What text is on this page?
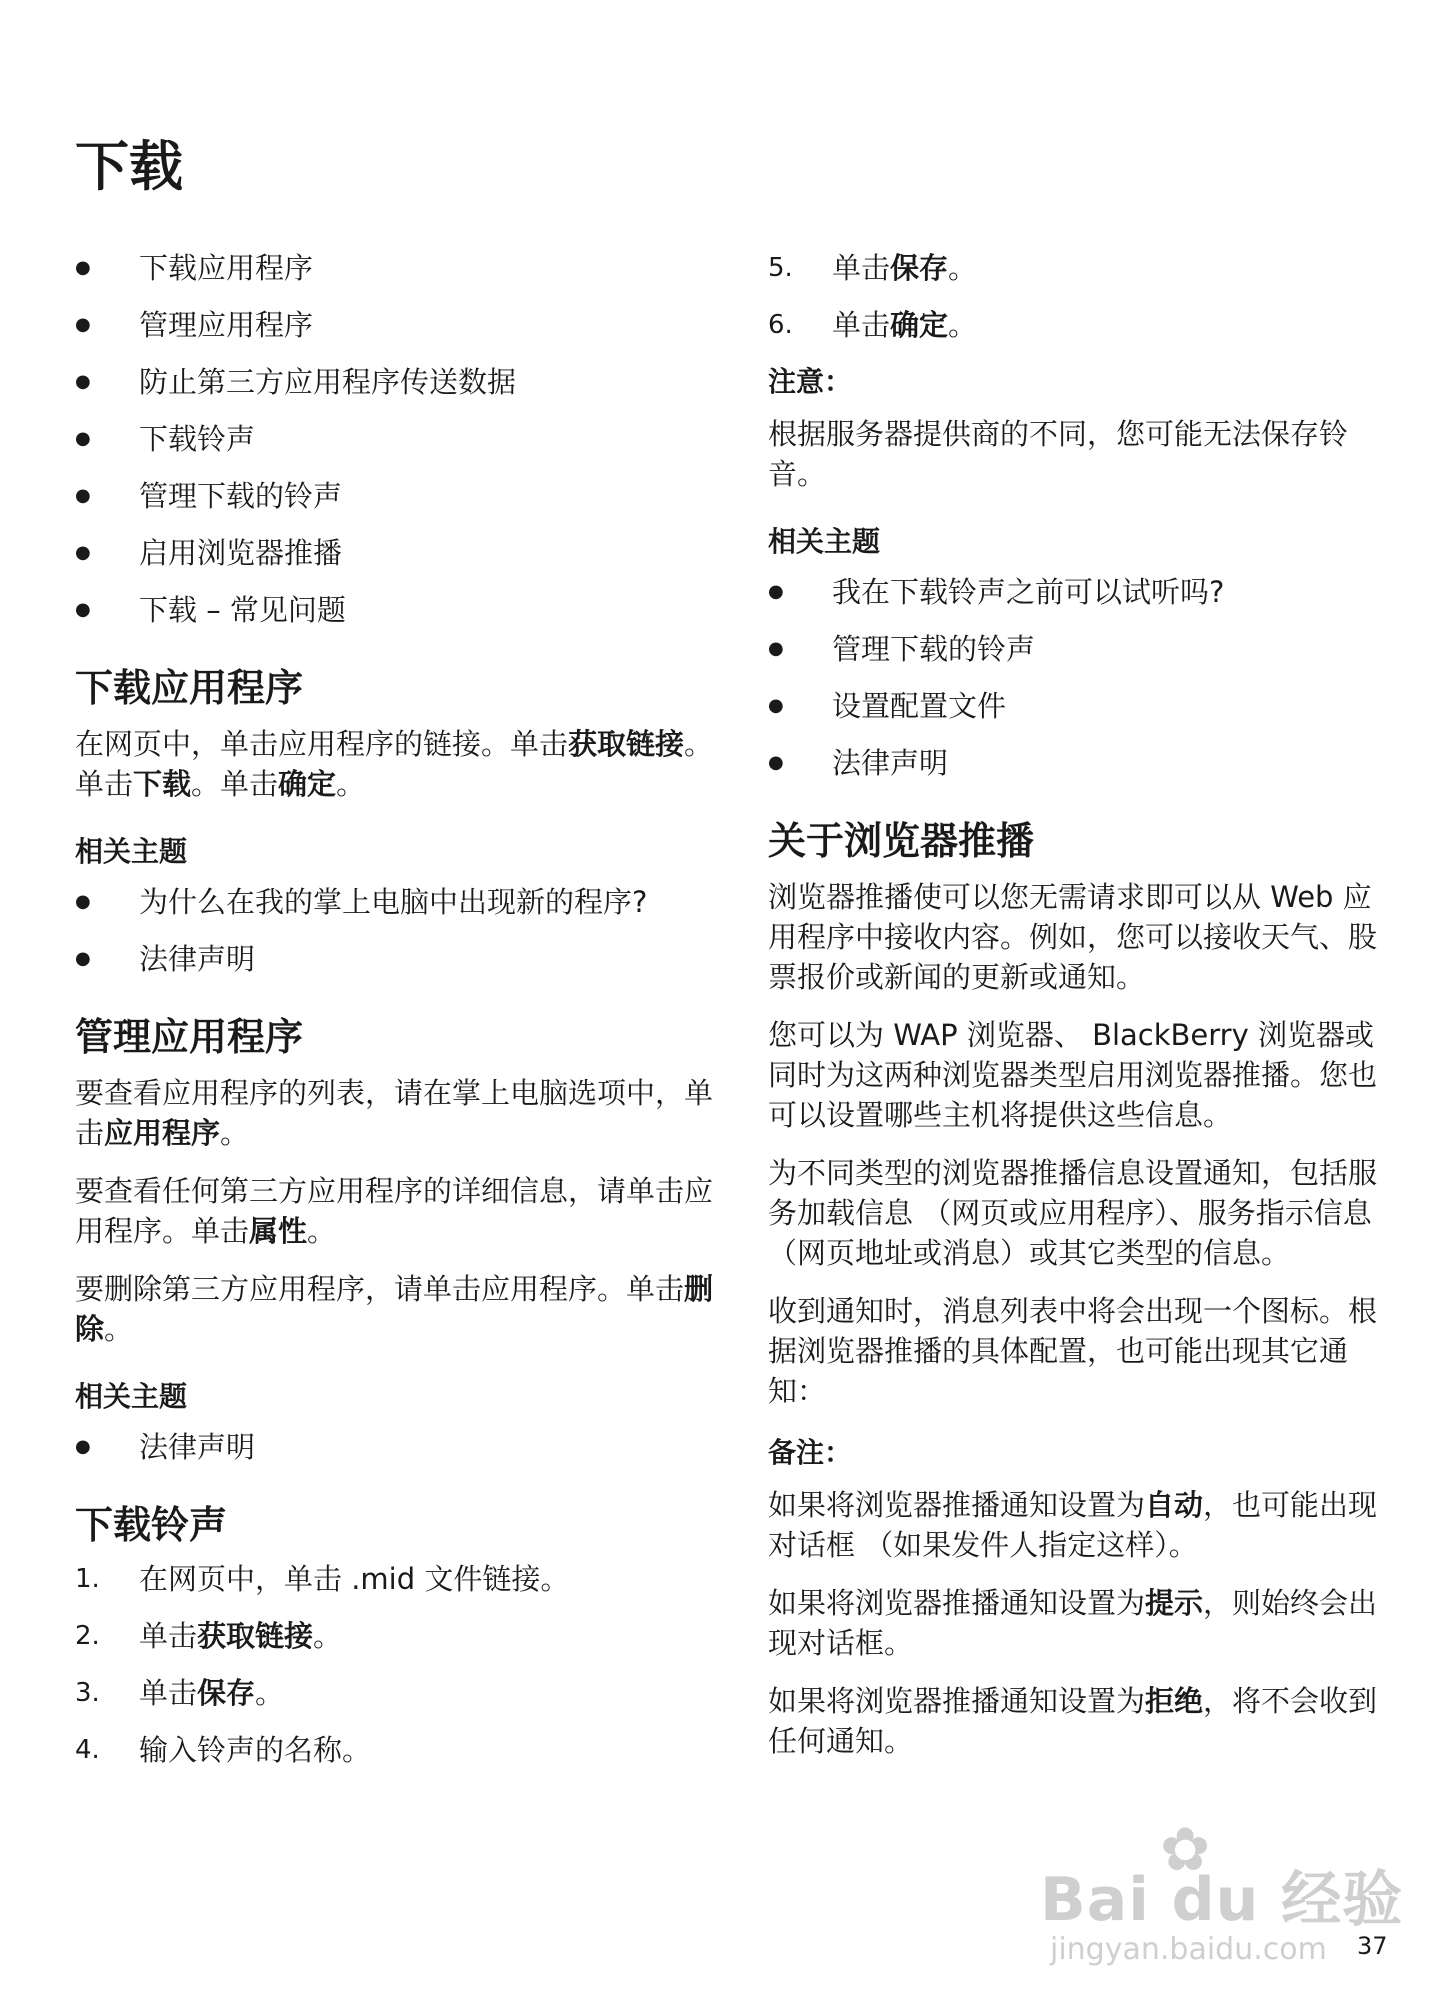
下载
● 下载应用程序
● 管理应用程序
● 防止第三方应用程序传送数据
● 下载铃声
● 管理下载的铃声
● 启用浏览器推播
● 下载 – 常见问题
下载应用程序

在网页中，单击应用程序的链接。单击获取链接。单击下载。单击确定。

相关主题
● 为什么在我的掌上电脑中出现新的程序?
● 法律声明
管理应用程序

要查看应用程序的列表，请在掌上电脑选项中，单击应用程序。

要查看任何第三方应用程序的详细信息，请单击应用程序。单击属性。

要删除第三方应用程序，请单击应用程序。单击删除。

相关主题
● 法律声明
下载铃声
1. 在网页中，单击 .mid 文件链接。
2. 单击获取链接。
3. 单击保存。
4. 输入铃声的名称。
5. 单击保存。
6. 单击确定。
注意：

根据服务器提供商的不同，您可能无法保存铃音。

相关主题
● 我在下载铃声之前可以试听吗?
● 管理下载的铃声
● 设置配置文件
● 法律声明
关于浏览器推播

浏览器推播使可以您无需请求即可以从 Web 应用程序中接收内容。例如，您可以接收天气、股票报价或新闻的更新或通知。

您可以为 WAP 浏览器、 BlackBerry 浏览器或同时为这两种浏览器类型启用浏览器推播。您也可以设置哪些主机将提供这些信息。

为不同类型的浏览器推播信息设置通知，包括服务加载信息 （网页或应用程序）、服务指示信息 （网页地址或消息）或其它类型的信息。

收到通知时，消息列表中将会出现一个图标。根据浏览器推播的具体配置，也可能出现其它通知：

备注：

如果将浏览器推播通知设置为自动，也可能出现对话框 （如果发件人指定这样）。

如果将浏览器推播通知设置为提示，则始终会出现对话框。

如果将浏览器推播通知设置为拒绝，将不会收到任何通知。

✿
Bai du 经验
jingyan.baidu.com 37
